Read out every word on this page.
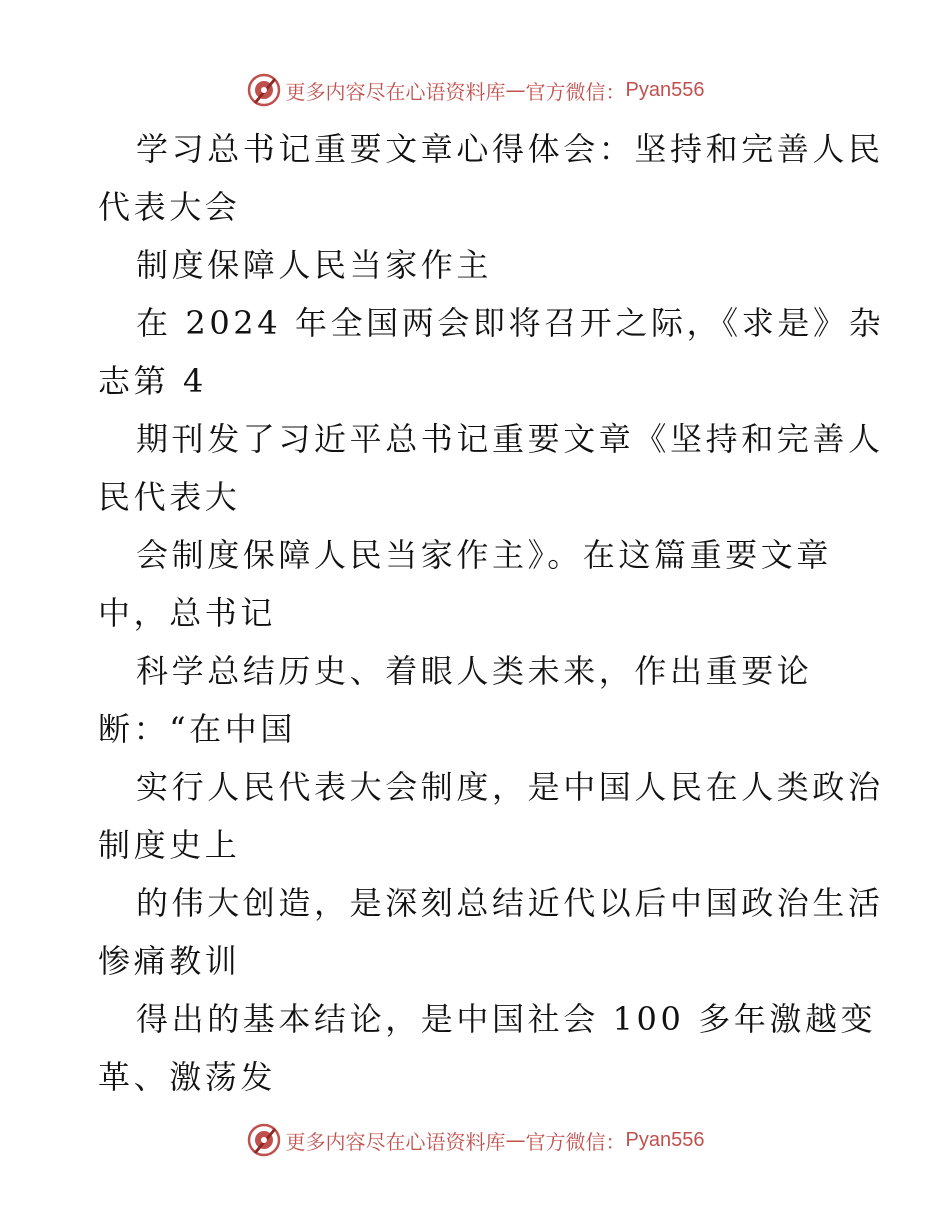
更多内容尽在心语资料库 — 官方微信： Pyan556
学习总书记重要文章心得体会：坚持和完善人民
代表大会
制度保障人民当家作主
在 2024 年全国两会即将召开之际，《求是》杂
志第 4
期刊发了习近平总书记重要文章《坚持和完善人
民代表大
会制度保障人民当家作主》。在这篇重要文章
中，总书记
科学总结历史、着眼人类未来，作出重要论
断：“在中国
实行人民代表大会制度，是中国人民在人类政治
制度史上
的伟大创造，是深刻总结近代以后中国政治生活
惨痛教训
得出的基本结论，是中国社会 100 多年激越变
革、激荡发
更多内容尽在心语资料库 — 官方微信： Pyan556
